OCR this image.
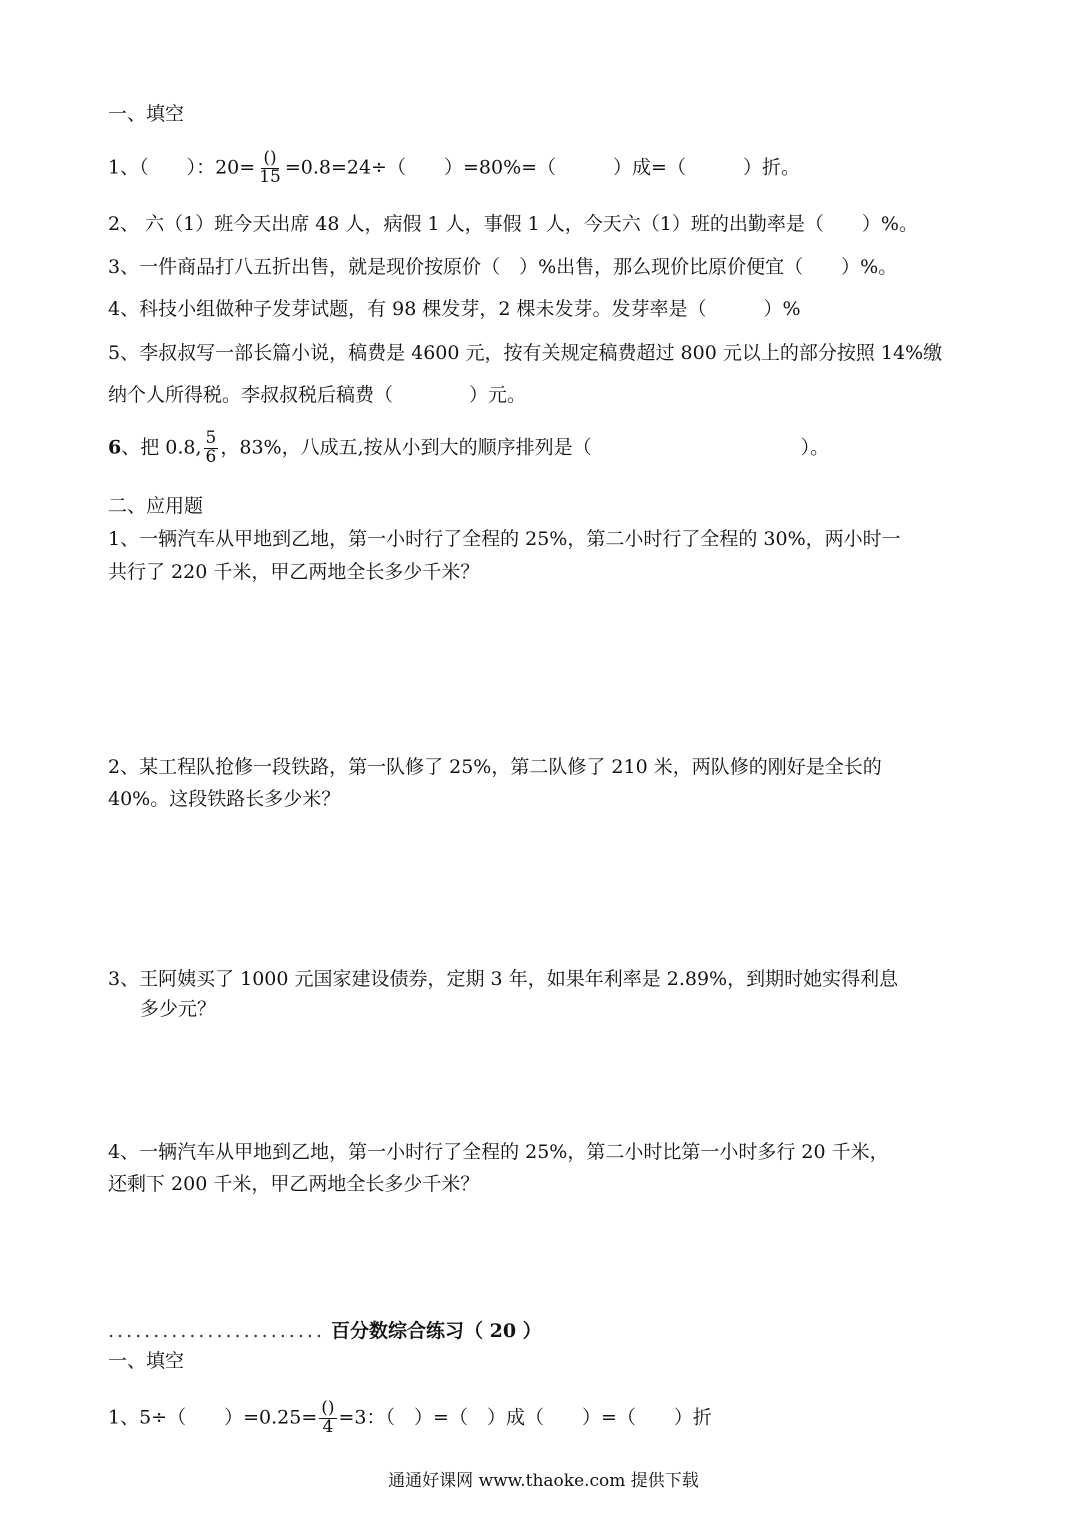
一、填空
1、（　　）：$20= \frac{()}{15} =0.8=24\div$（　　）=80%=（　　　）成=（　　　）折。
2、 六（1）班今天出席 48 人，病假 1 人，事假 1 人，今天六（1）班的出勤率是（　　）%。
3、一件商品打八五折出售，就是现价按原价（　）%出售，那么现价比原价便宜（　　）%。
4、科技小组做种子发芽试题，有 98 棵发芽，2 棵未发芽。发芽率是（　　　）%
5、李叔叔写一部长篇小说，稿费是 4600 元，按有关规定稿费超过 800 元以上的部分按照 14%缴
纳个人所得税。李叔叔税后稿费（　　　　）元。
6、把 0.8, $\frac{5}{6}$ ，83%，八成五,按从小到大的顺序排列是（　　　　　　　　　　　）。
二、应用题
1、一辆汽车从甲地到乙地，第一小时行了全程的 25%，第二小时行了全程的 30%，两小时一
共行了 220 千米，甲乙两地全长多少千米？
2、某工程队抢修一段铁路，第一队修了 25%，第二队修了 210 米，两队修的刚好是全长的
40%。这段铁路长多少米？
3、王阿姨买了 1000 元国家建设债券，定期 3 年，如果年利率是 2.89%，到期时她实得利息
多少元？
4、一辆汽车从甲地到乙地，第一小时行了全程的 25%，第二小时比第一小时多行 20 千米，
还剩下 200 千米，甲乙两地全长多少千米？
........................ 百分数综合练习（ 20 ）
一、填空
1、5÷（　　）$=0.25= \frac{()}{4} =3$：（　）=（　）成（　　）=（　　）折
通通好课网 www.thaoke.com 提供下载
